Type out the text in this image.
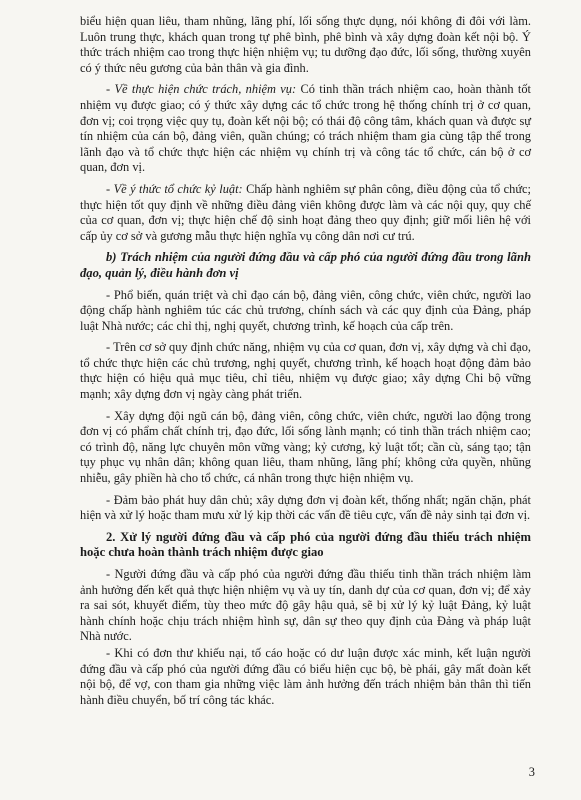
biểu hiện quan liêu, tham nhũng, lãng phí, lối sống thực dụng, nói không đi đôi với làm. Luôn trung thực, khách quan trong tự phê bình, phê bình và xây dựng đoàn kết nội bộ. Ý thức trách nhiệm cao trong thực hiện nhiệm vụ; tu dưỡng đạo đức, lối sống, thường xuyên có ý thức nêu gương của bản thân và gia đình.

- Về thực hiện chức trách, nhiệm vụ: Có tinh thần trách nhiệm cao, hoàn thành tốt nhiệm vụ được giao; có ý thức xây dựng các tổ chức trong hệ thống chính trị ở cơ quan, đơn vị; coi trọng việc quy tụ, đoàn kết nội bộ; có thái độ công tâm, khách quan và được sự tín nhiệm của cán bộ, đảng viên, quần chúng; có trách nhiệm tham gia cùng tập thể trong lãnh đạo và tổ chức thực hiện các nhiệm vụ chính trị và công tác tổ chức, cán bộ ở cơ quan, đơn vị.

- Về ý thức tổ chức kỷ luật: Chấp hành nghiêm sự phân công, điều động của tổ chức; thực hiện tốt quy định về những điều đảng viên không được làm và các nội quy, quy chế của cơ quan, đơn vị; thực hiện chế độ sinh hoạt đảng theo quy định; giữ mối liên hệ với cấp ủy cơ sở và gương mẫu thực hiện nghĩa vụ công dân nơi cư trú.

b) Trách nhiệm của người đứng đầu và cấp phó của người đứng đầu trong lãnh đạo, quản lý, điều hành đơn vị

- Phổ biến, quán triệt và chỉ đạo cán bộ, đảng viên, công chức, viên chức, người lao động chấp hành nghiêm túc các chủ trương, chính sách và các quy định của Đảng, pháp luật Nhà nước; các chỉ thị, nghị quyết, chương trình, kế hoạch của cấp trên.

- Trên cơ sở quy định chức năng, nhiệm vụ của cơ quan, đơn vị, xây dựng và chỉ đạo, tổ chức thực hiện các chủ trương, nghị quyết, chương trình, kế hoạch hoạt động đảm bảo thực hiện có hiệu quả mục tiêu, chỉ tiêu, nhiệm vụ được giao; xây dựng Chi bộ vững mạnh; xây dựng đơn vị ngày càng phát triển.

- Xây dựng đội ngũ cán bộ, đảng viên, công chức, viên chức, người lao động trong đơn vị có phẩm chất chính trị, đạo đức, lối sống lành mạnh; có tinh thần trách nhiệm cao; có trình độ, năng lực chuyên môn vững vàng; kỷ cương, kỷ luật tốt; cần cù, sáng tạo; tận tụy phục vụ nhân dân; không quan liêu, tham nhũng, lãng phí; không cửa quyền, nhũng nhiễu, gây phiền hà cho tổ chức, cá nhân trong thực hiện nhiệm vụ.

- Đảm bảo phát huy dân chủ; xây dựng đơn vị đoàn kết, thống nhất; ngăn chặn, phát hiện và xử lý hoặc tham mưu xử lý kịp thời các vấn đề tiêu cực, vấn đề nảy sinh tại đơn vị.

2. Xử lý người đứng đầu và cấp phó của người đứng đầu thiếu trách nhiệm hoặc chưa hoàn thành trách nhiệm được giao

- Người đứng đầu và cấp phó của người đứng đầu thiếu tinh thần trách nhiệm làm ảnh hưởng đến kết quả thực hiện nhiệm vụ và uy tín, danh dự của cơ quan, đơn vị; để xảy ra sai sót, khuyết điểm, tùy theo mức độ gây hậu quả, sẽ bị xử lý kỷ luật Đảng, kỷ luật hành chính hoặc chịu trách nhiệm hình sự, dân sự theo quy định của Đảng và pháp luật Nhà nước.

- Khi có đơn thư khiếu nại, tố cáo hoặc có dư luận được xác minh, kết luận người đứng đầu và cấp phó của người đứng đầu có biểu hiện cục bộ, bè phái, gây mất đoàn kết nội bộ, để vợ, con tham gia những việc làm ảnh hưởng đến trách nhiệm bản thân thì tiến hành điều chuyển, bố trí công tác khác.

3
